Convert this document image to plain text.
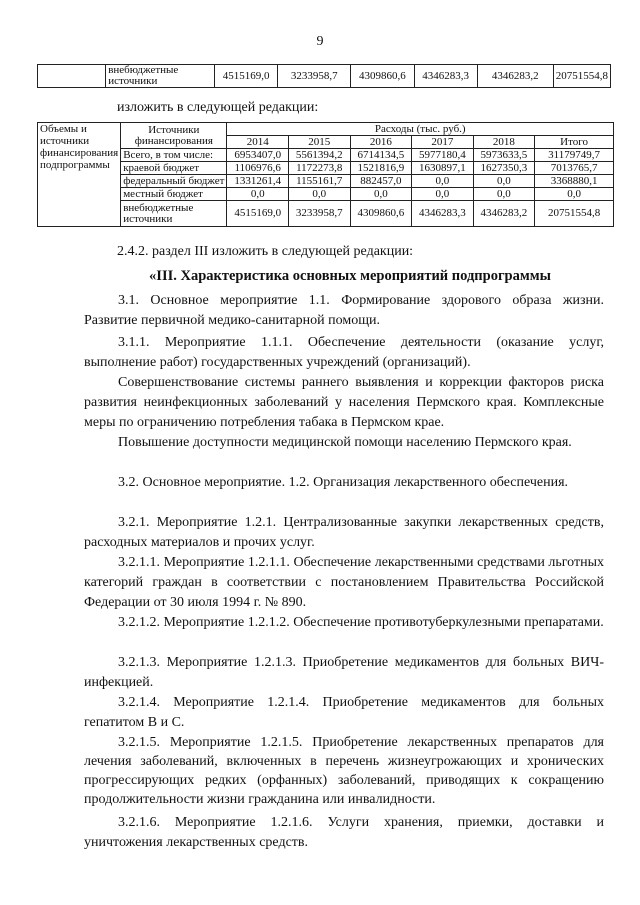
9
	внебюджетные источники	4515169,0	3233958,7	4309860,6	4346283,3	4346283,2	20751554,8
изложить в следующей редакции:
Объемы и источники финансирования подпрограммы	Источники финансирования	Расходы (тыс. руб.)					
		2014	2015	2016	2017	2018	Итого
	Всего, в том числе:	6953407,0	5561394,2	6714134,5	5977180,4	5973633,5	31179749,7
	краевой бюджет	1106976,6	1172273,8	1521816,9	1630897,1	1627350,3	7013765,7
	федеральный бюджет	1331261,4	1155161,7	882457,0	0,0	0,0	3368880,1
	местный бюджет	0,0	0,0	0,0	0,0	0,0	0,0
	внебюджетные источники	4515169,0	3233958,7	4309860,6	4346283,3	4346283,2	20751554,8
2.4.2. раздел III изложить в следующей редакции:
«III. Характеристика основных мероприятий подпрограммы

3.1. Основное мероприятие 1.1. Формирование здорового образа жизни. Развитие первичной медико-санитарной помощи.

3.1.1. Мероприятие 1.1.1. Обеспечение деятельности (оказание услуг, выполнение работ) государственных учреждений (организаций).

Совершенствование системы раннего выявления и коррекции факторов риска развития неинфекционных заболеваний у населения Пермского края. Комплексные меры по ограничению потребления табака в Пермском крае.

Повышение доступности медицинской помощи населению Пермского края.

3.2. Основное мероприятие. 1.2. Организация лекарственного обеспечения.

3.2.1. Мероприятие 1.2.1. Централизованные закупки лекарственных средств, расходных материалов и прочих услуг.

3.2.1.1. Мероприятие 1.2.1.1. Обеспечение лекарственными средствами льготных категорий граждан в соответствии с постановлением Правительства Российской Федерации от 30 июля 1994 г. № 890.

3.2.1.2. Мероприятие 1.2.1.2. Обеспечение противотуберкулезными препаратами.

3.2.1.3. Мероприятие 1.2.1.3. Приобретение медикаментов для больных ВИЧ-инфекцией.

3.2.1.4. Мероприятие 1.2.1.4. Приобретение медикаментов для больных гепатитом В и С.

3.2.1.5. Мероприятие 1.2.1.5. Приобретение лекарственных препаратов для лечения заболеваний, включенных в перечень жизнеугрожающих и хронических прогрессирующих редких (орфанных) заболеваний, приводящих к сокращению продолжительности жизни гражданина или инвалидности.

3.2.1.6. Мероприятие 1.2.1.6. Услуги хранения, приемки, доставки и уничтожения лекарственных средств.
